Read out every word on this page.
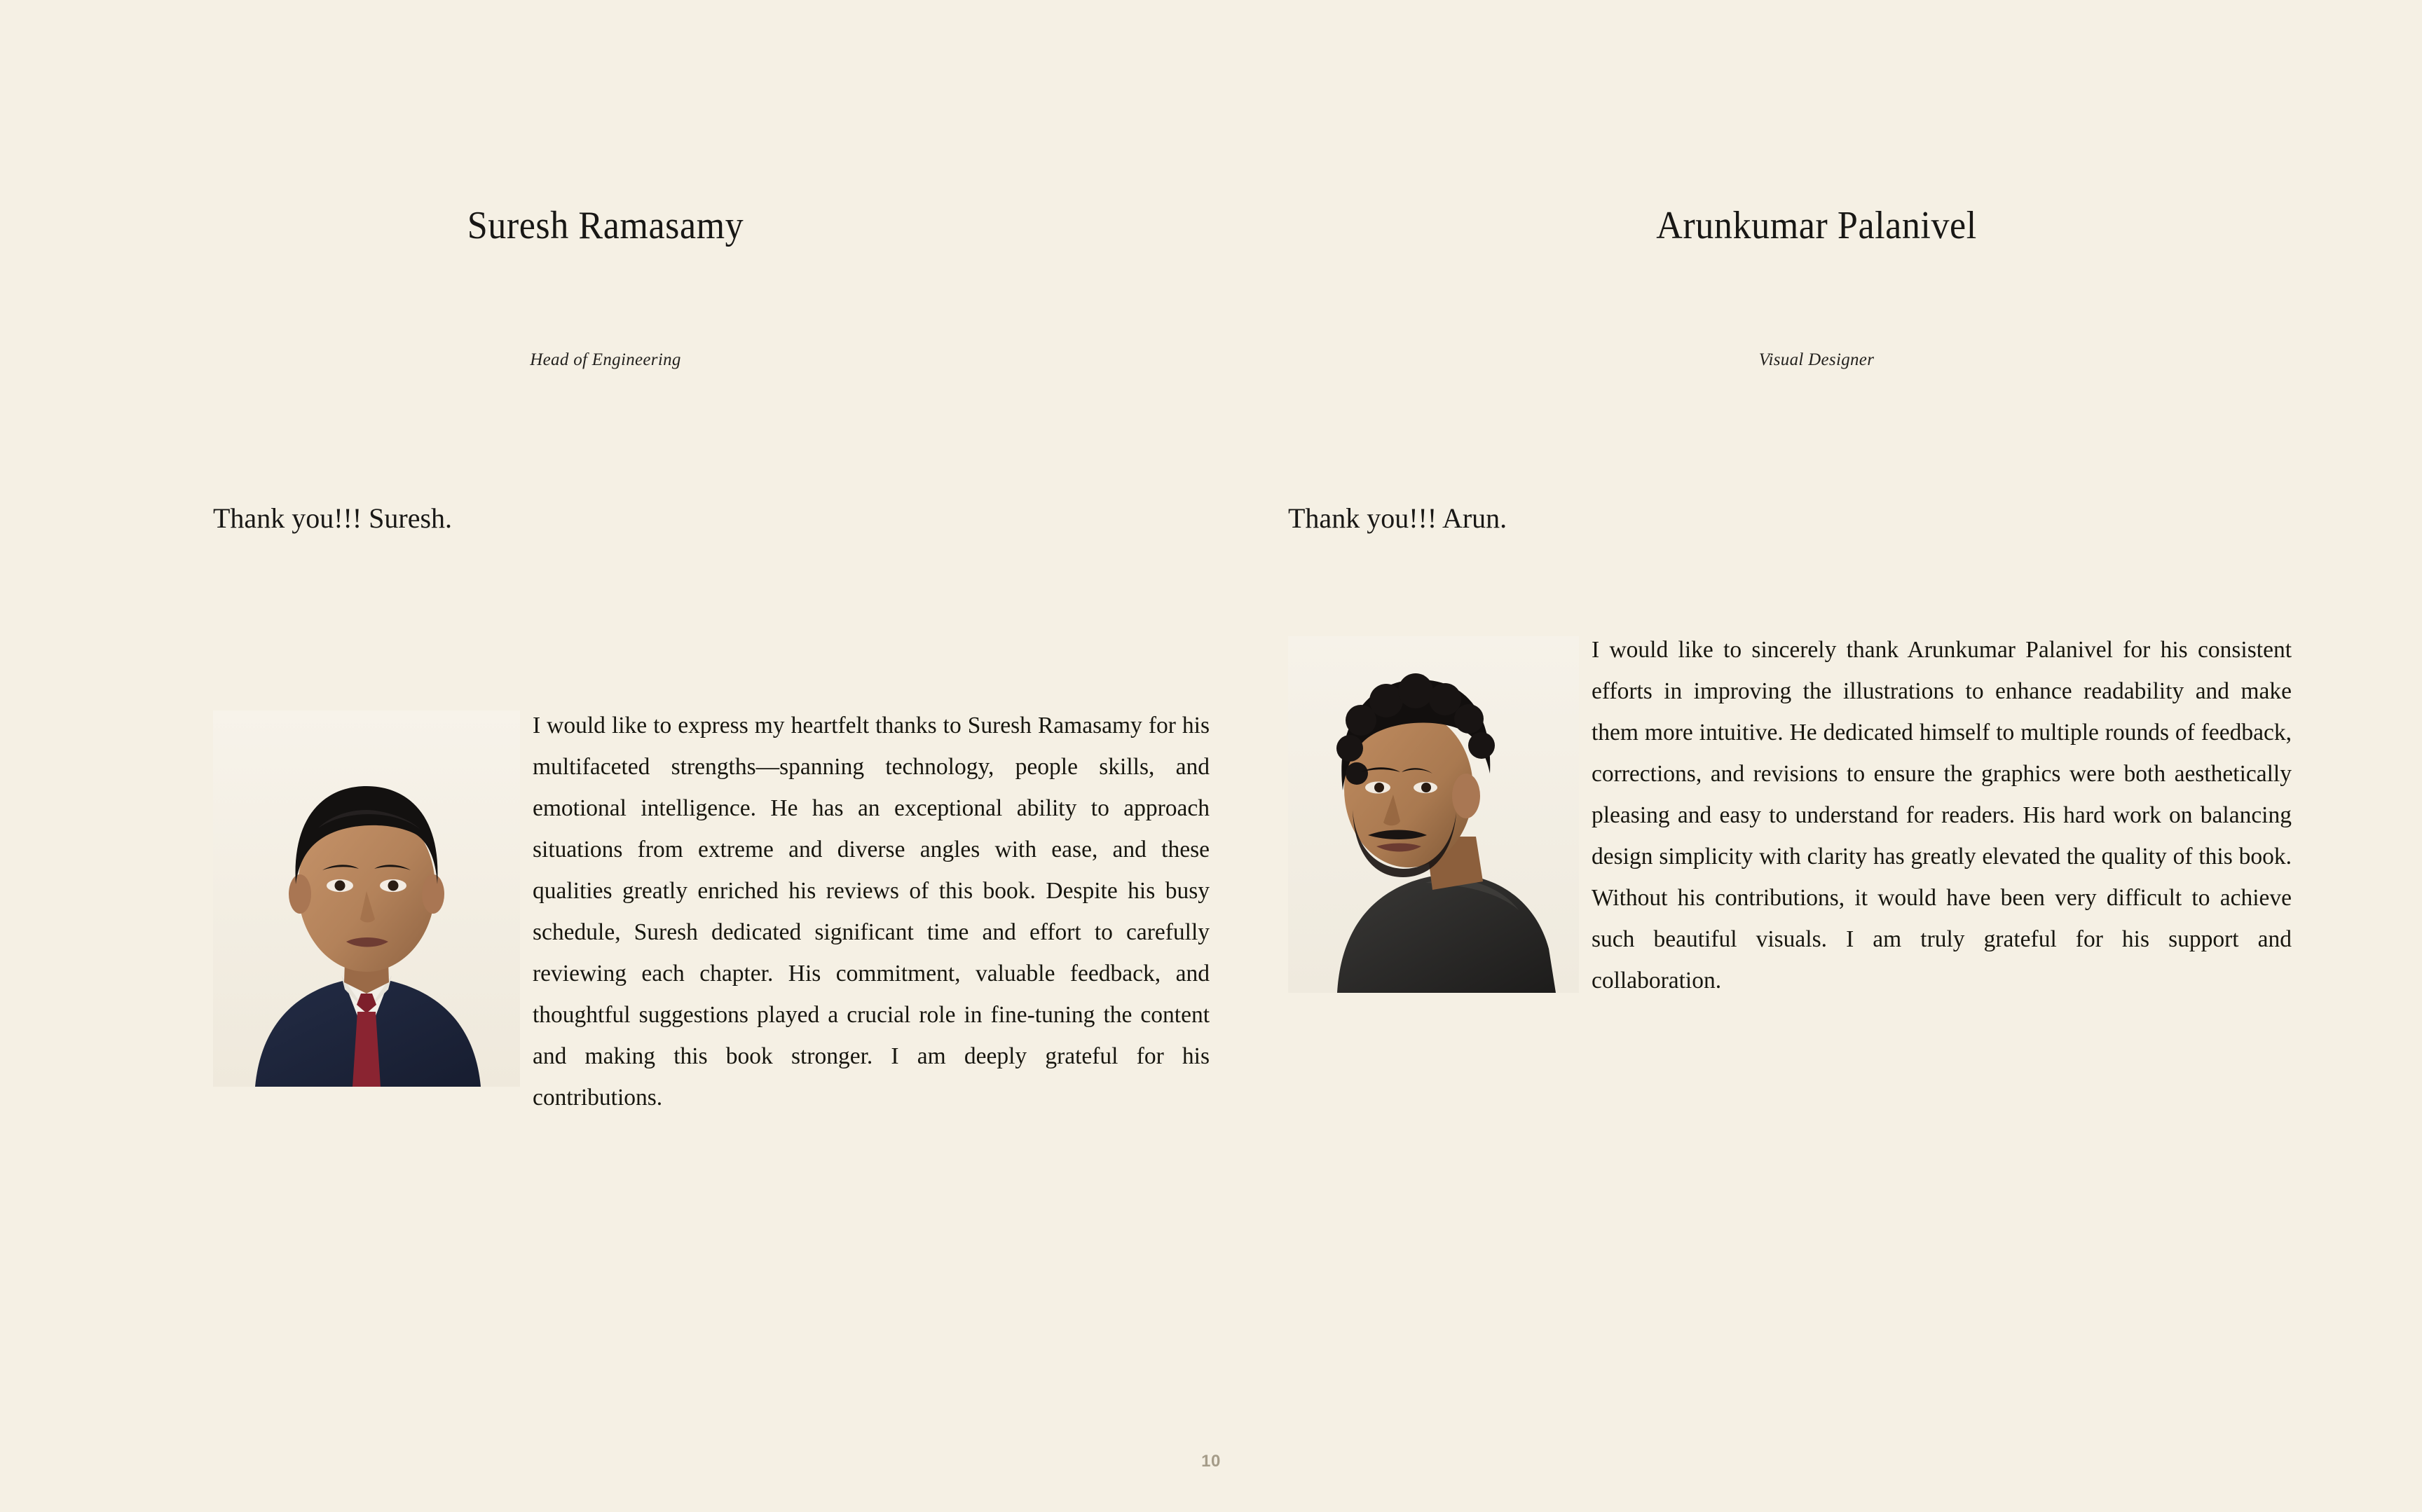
Suresh Ramasamy
Head of Engineering
Thank you!!! Suresh.
I would like to express my heartfelt thanks to Suresh Ramasamy for his multifaceted strengths—spanning technology, people skills, and emotional intelligence. He has an exceptional ability to approach situations from extreme and diverse angles with ease, and these qualities greatly enriched his reviews of this book. Despite his busy schedule, Suresh dedicated significant time and effort to carefully reviewing each chapter. His commitment, valuable feedback, and thoughtful suggestions played a crucial role in fine-tuning the content and making this book stronger. I am deeply grateful for his contributions.
Arunkumar Palanivel
Visual Designer
Thank you!!! Arun.
I would like to sincerely thank Arunkumar Palanivel for his consistent efforts in improving the illustrations to enhance readability and make them more intuitive. He dedicated himself to multiple rounds of feedback, corrections, and revisions to ensure the graphics were both aesthetically pleasing and easy to understand for readers. His hard work on balancing design simplicity with clarity has greatly elevated the quality of this book. Without his contributions, it would have been very difficult to achieve such beautiful visuals. I am truly grateful for his support and collaboration.
10
